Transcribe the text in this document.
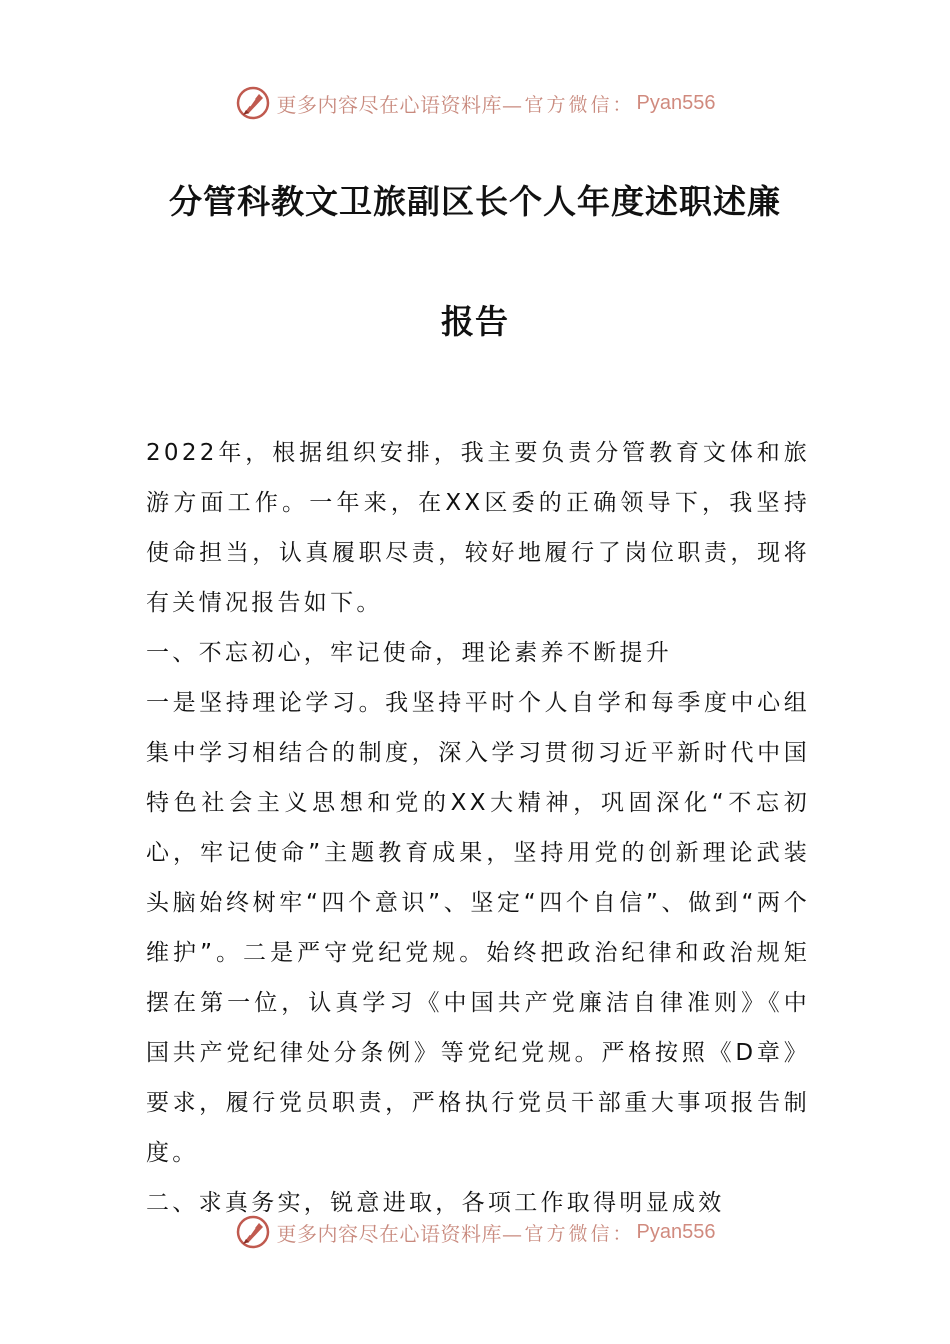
更多内容尽在心语资料库— 官方微信： Pyan556
分管科教文卫旅副区长个人年度述职述廉
报告

2022年，根据组织安排，我主要负责分管教育文体和旅游方面工作。一年来，在XX区委的正确领导下，我坚持使命担当，认真履职尽责，较好地履行了岗位职责，现将有关情况报告如下。

一、不忘初心，牢记使命，理论素养不断提升

一是坚持理论学习。我坚持平时个人自学和每季度中心组集中学习相结合的制度，深入学习贯彻习近平新时代中国特色社会主义思想和党的XX大精神，巩固深化“不忘初心，牢记使命”主题教育成果，坚持用党的创新理论武装头脑始终树牢“四个意识”、坚定“四个自信”、做到“两个维护”。二是严守党纪党规。始终把政治纪律和政治规矩摆在第一位，认真学习《中国共产党廉洁自律准则》《中国共产党纪律处分条例》等党纪党规。严格按照《D章》要求，履行党员职责，严格执行党员干部重大事项报告制度。

二、求真务实，锐意进取，各项工作取得明显成效

更多内容尽在心语资料库— 官方微信： Pyan556
